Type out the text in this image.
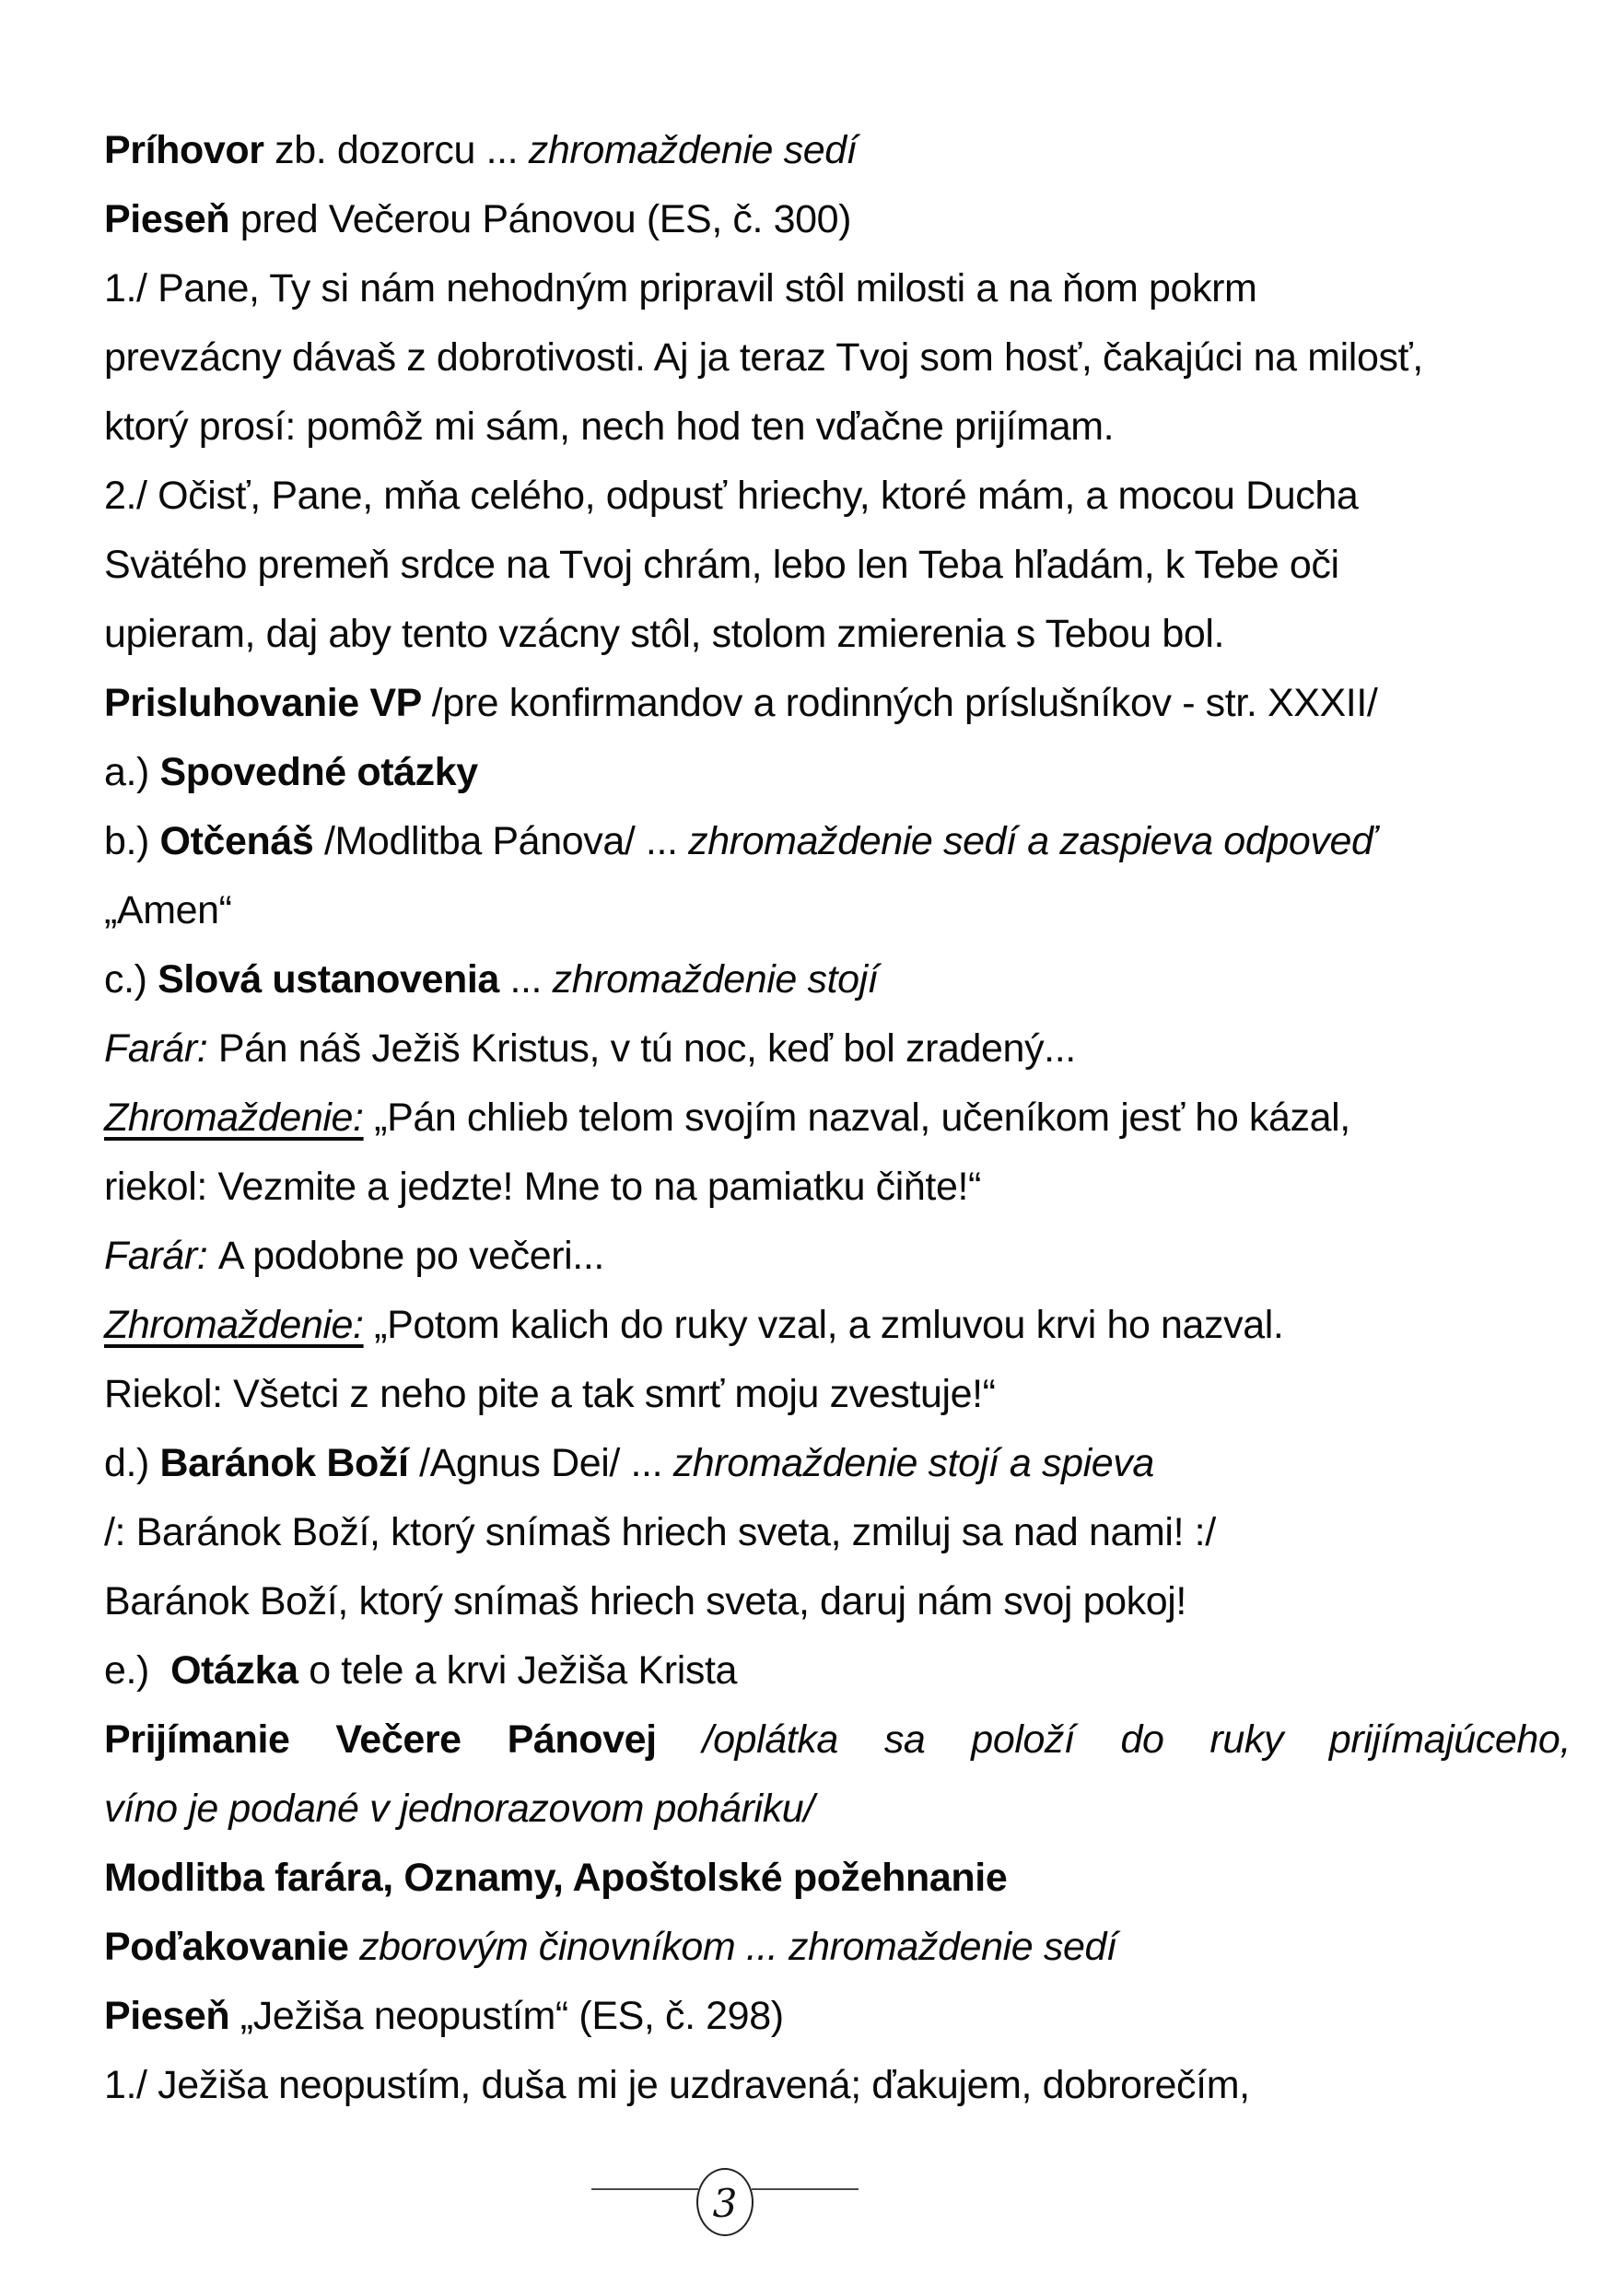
Príhovor zb. dozorcu ... zhromaždenie sedí
Pieseň pred Večerou Pánovou (ES, č. 300)
1./ Pane, Ty si nám nehodným pripravil stôl milosti a na ňom pokrm
prevzácny dávaš z dobrotivosti. Aj ja teraz Tvoj som hosť, čakajúci na milosť,
ktorý prosí: pomôž mi sám, nech hod ten vďačne prijímam.
2./ Očisť, Pane, mňa celého, odpusť hriechy, ktoré mám, a mocou Ducha
Svätého premeň srdce na Tvoj chrám, lebo len Teba hľadám, k Tebe oči
upieram, daj aby tento vzácny stôl, stolom zmierenia s Tebou bol.
Prisluhovanie VP /pre konfirmandov a rodinných príslušníkov - str. XXXII/
a.) Spovedné otázky
b.) Otčenáš /Modlitba Pánova/ ... zhromaždenie sedí a zaspieva odpoveď
„Amen“
c.) Slová ustanovenia ... zhromaždenie stojí
Farár: Pán náš Ježiš Kristus, v tú noc, keď bol zradený...
Zhromaždenie: „Pán chlieb telom svojím nazval, učeníkom jesť ho kázal,
riekol: Vezmite a jedzte! Mne to na pamiatku čiňte!“
Farár: A podobne po večeri...
Zhromaždenie: „Potom kalich do ruky vzal, a zmluvou krvi ho nazval.
Riekol: Všetci z neho pite a tak smrť moju zvestuje!“
d.) Baránok Boží /Agnus Dei/ ... zhromaždenie stojí a spieva
/: Baránok Boží, ktorý snímaš hriech sveta, zmiluj sa nad nami! :/
Baránok Boží, ktorý snímaš hriech sveta, daruj nám svoj pokoj!
e.)  Otázka o tele a krvi Ježiša Krista
Prijímanie Večere Pánovej /oplátka sa položí do ruky prijímajúceho,
víno je podané v jednorazovom poháriku/
Modlitba farára, Oznamy, Apoštolské požehnanie
Poďakovanie zborovým činovníkom ... zhromaždenie sedí
Pieseň „Ježiša neopustím“ (ES, č. 298)
1./ Ježiša neopustím, duša mi je uzdravená; ďakujem, dobrorečím,
3
